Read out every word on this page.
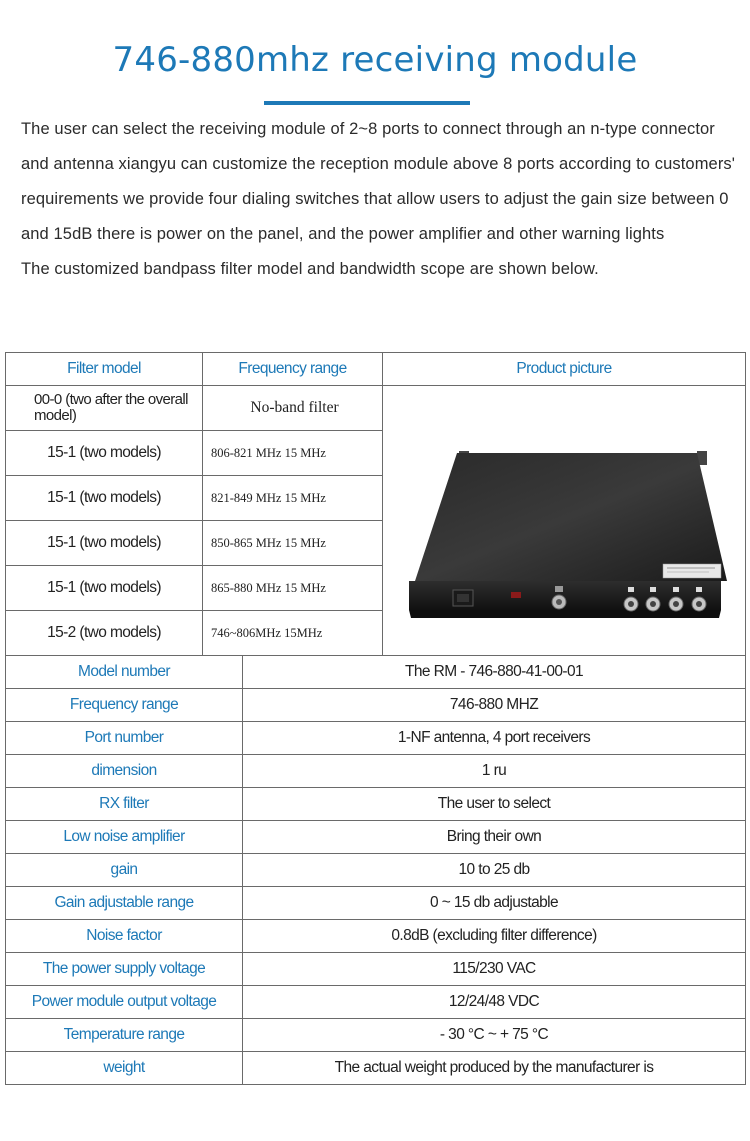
746-880mhz receiving module

The user can select the receiving module of 2~8 ports to connect through an n-type connector and antenna xiangyu can customize the reception module above 8 ports according to customers' requirements we provide four dialing switches that allow users to adjust the gain size between 0 and 15dB there is power on the panel, and the power amplifier and other warning lights

The customized bandpass filter model and bandwidth scope are shown below.

Filter model	Frequency range	Product picture
00-0 (two after the overall model)	No-band filter	

15-1 (two models)	806-821 MHz 15 MHz	
15-1 (two models)	821-849 MHz 15 MHz	
15-1 (two models)	850-865 MHz 15 MHz	
15-1 (two models)	865-880 MHz 15 MHz	
15-2 (two models)	746~806MHz 15MHz	
Model number	The RM - 746-880-41-00-01
Frequency range	746-880 MHZ
Port number	1-NF antenna, 4 port receivers
dimension	1 ru
RX filter	The user to select
Low noise amplifier	Bring their own
gain	10 to 25 db
Gain adjustable range	0 ~ 15 db adjustable
Noise factor	0.8dB (excluding filter difference)
The power supply voltage	115/230 VAC
Power module output voltage	12/24/48 VDC
Temperature range	- 30 °C ~ + 75 °C
weight	The actual weight produced by the manufacturer is
